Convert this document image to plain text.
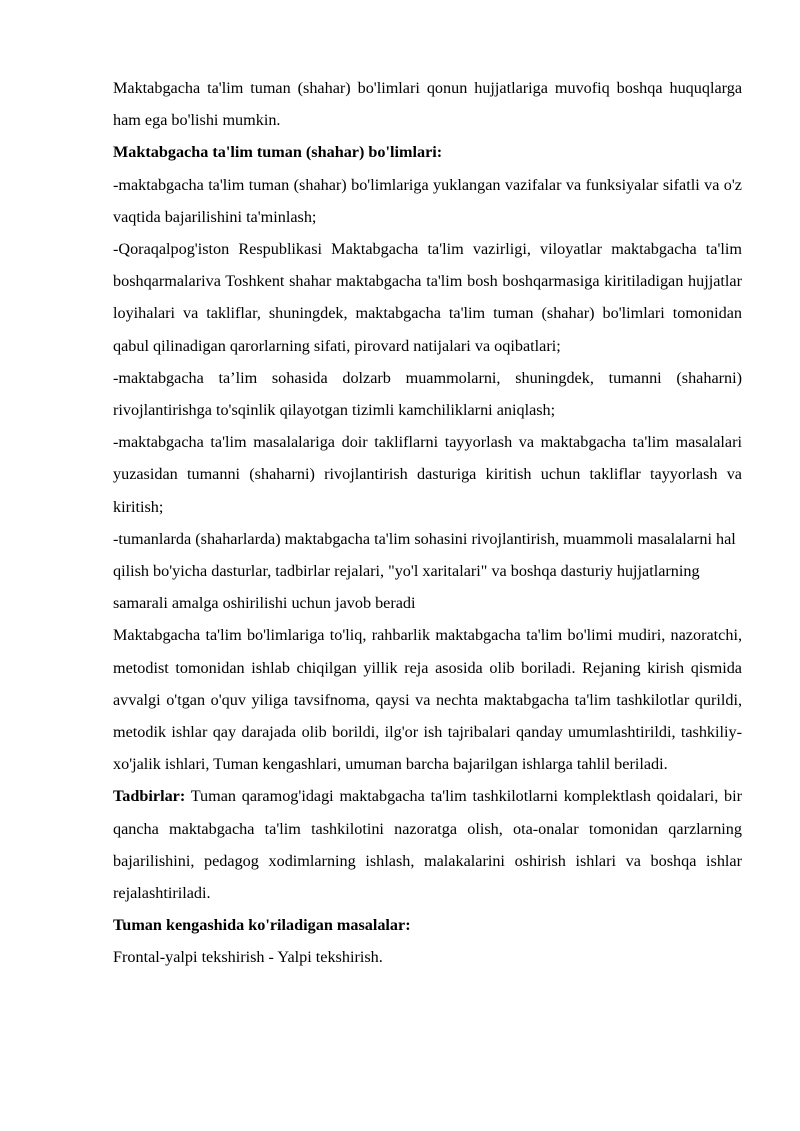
Maktabgacha ta'lim tuman (shahar) bo'limlari qonun hujjatlariga muvofiq boshqa huquqlarga ham ega bo'lishi mumkin.

Maktabgacha ta'lim tuman (shahar) bo'limlari:

-maktabgacha ta'lim tuman (shahar) bo'limlariga yuklangan vazifalar va funksiyalar sifatli va o'z vaqtida bajarilishini ta'minlash;

-Qoraqalpog'iston Respublikasi Maktabgacha ta'lim vazirligi, viloyatlar maktabgacha ta'lim boshqarmalariva Toshkent shahar maktabgacha ta'lim bosh boshqarmasiga kiritiladigan hujjatlar loyihalari va takliflar, shuningdek, maktabgacha ta'lim tuman (shahar) bo'limlari tomonidan qabul qilinadigan qarorlarning sifati, pirovard natijalari va oqibatlari;

-maktabgacha ta’lim sohasida dolzarb muammolarni, shuningdek, tumanni (shaharni) rivojlantirishga to'sqinlik qilayotgan tizimli kamchiliklarni aniqlash;

-maktabgacha ta'lim masalalariga doir takliflarni tayyorlash va maktabgacha ta'lim masalalari yuzasidan tumanni (shaharni) rivojlantirish dasturiga kiritish uchun takliflar tayyorlash va kiritish;

-tumanlarda (shaharlarda) maktabgacha ta'lim sohasini rivojlantirish, muammoli masalalarni hal qilish bo'yicha dasturlar, tadbirlar rejalari, "yo'l xaritalari" va boshqa dasturiy hujjatlarning samarali amalga oshirilishi uchun javob beradi

Maktabgacha ta'lim bo'limlariga to'liq, rahbarlik maktabgacha ta'lim bo'limi mudiri, nazoratchi, metodist tomonidan ishlab chiqilgan yillik reja asosida olib boriladi. Rejaning kirish qismida avvalgi o'tgan o'quv yiliga tavsifnoma, qaysi va nechta maktabgacha ta'lim tashkilotlar qurildi, metodik ishlar qay darajada olib borildi, ilg'or ish tajribalari qanday umumlashtirildi, tashkiliy-xo'jalik ishlari, Tuman kengashlari, umuman barcha bajarilgan ishlarga tahlil beriladi.

Tadbirlar: Tuman qaramog'idagi maktabgacha ta'lim tashkilotlarni komplektlash qoidalari, bir qancha maktabgacha ta'lim tashkilotini nazoratga olish, ota-onalar tomonidan qarzlarning bajarilishini, pedagog xodimlarning ishlash, malakalarini oshirish ishlari va boshqa ishlar rejalashtiriladi.

Tuman kengashida ko'riladigan masalalar:

Frontal-yalpi tekshirish - Yalpi tekshirish.
